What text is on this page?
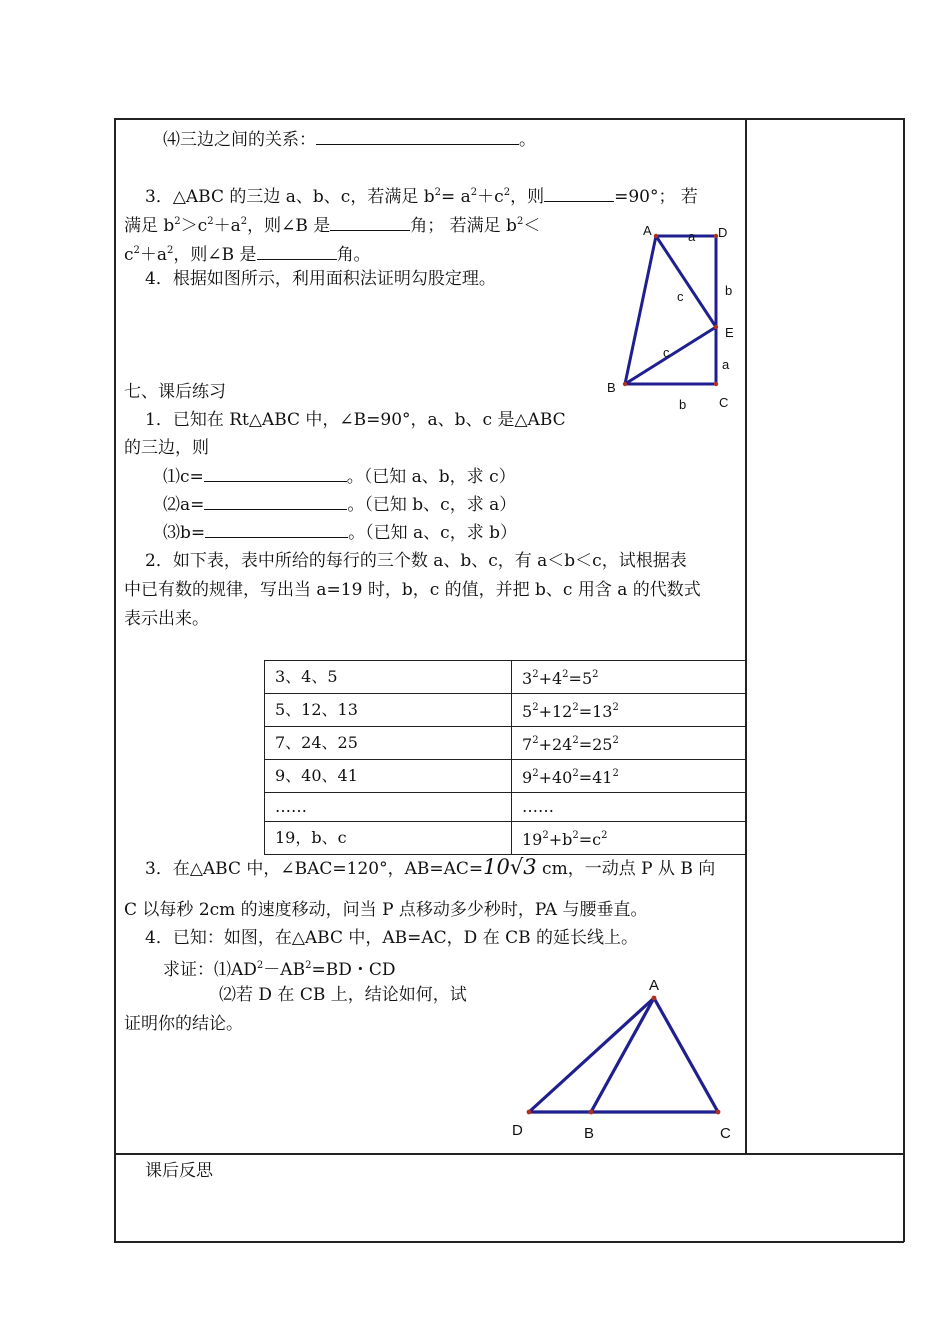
⑷三边之间的关系：	。
3．△ABC 的三边 a、b、c，若满足 $b^2= a^2+c^2$，则	=90°； 若
满足 $b^2>c^2+a^2$，则∠B 是	角； 若满足 $b^2<$
$c^2+a^2$，则∠B 是	角。
4．根据如图所示，利用面积法证明勾股定理。
A	a D
b
c
E
c
a
B
b	C
七、课后练习
1．已知在 Rt△ABC 中，∠B=90°，a、b、c 是△ABC
的三边，则
⑴c=	。（已知 a、b，求 c）
⑵a=	。（已知 b、c，求 a）
⑶b=	。（已知 a、c，求 b）
2．如下表，表中所给的每行的三个数 a、b、c，有 a＜b＜c，试根据表
中已有数的规律，写出当 a=19 时，b，c 的值，并把 b、c 用含 a 的代数式
表示出来。
3、4、5	$3^2+4^2=5^2$
5、12、13	$5^2+12^2=13^2$
7、24、25	$7^2+24^2=25^2$
9、40、41	$9^2+40^2=41^2$
……	……
19，b、c	$19^2+b^2=c^2$
3．在△ABC 中，∠BAC=120°，AB=AC=10√3 cm，一动点 P 从 B 向
C 以每秒 2cm 的速度移动，问当 P 点移动多少秒时，PA 与腰垂直。
4．已知：如图，在△ABC 中，AB=AC，D 在 CB 的延长线上。
求证：$⑴AD^2-AB^2=BD$・CD
⑵若 D 在 CB 上，结论如何，试
证明你的结论。
A
D	B	C
课后反思
